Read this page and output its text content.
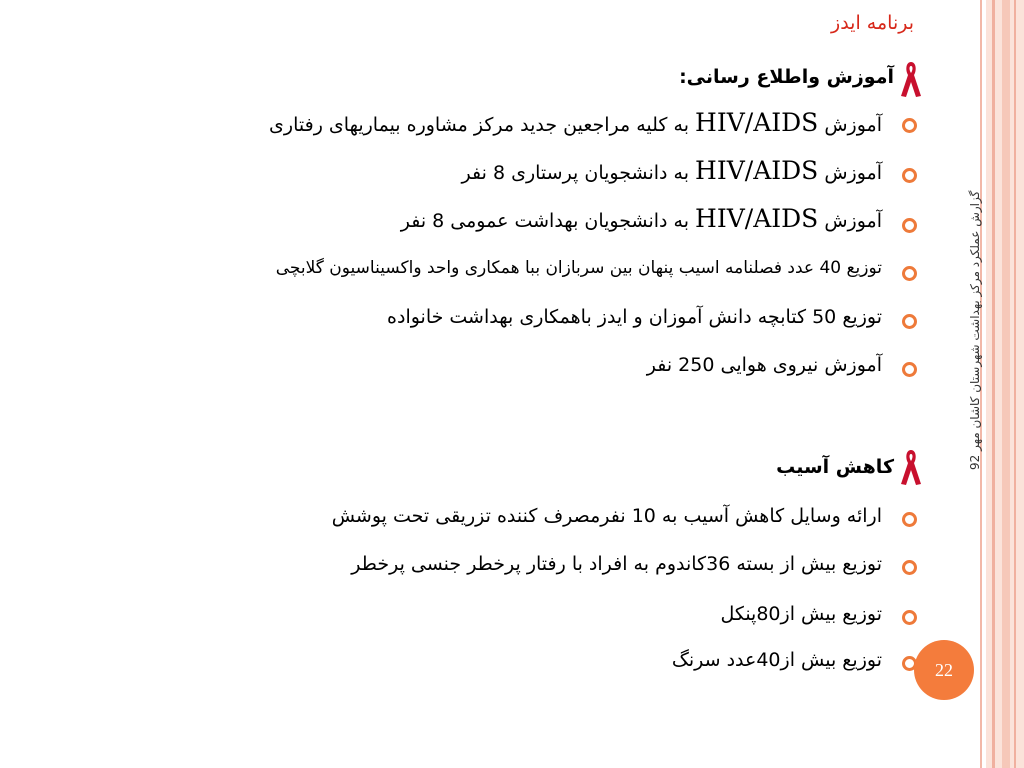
برنامه ایدز
آموزش واطلاع رسانی:
آموزش HIV/AIDS به کلیه مراجعین جدید مرکز مشاوره بیماریهای رفتاری
آموزش HIV/AIDS به دانشجویان پرستاری 8 نفر
آموزش HIV/AIDS به دانشجویان بهداشت عمومی 8 نفر
توزیع 40 عدد فصلنامه اسیب پنهان بین سربازان ببا همکاری واحد واکسیناسیون گلابچی
توزیع 50 کتابچه دانش آموزان و ایدز باهمکاری بهداشت خانواده
آموزش نیروی هوایی 250 نفر
کاهش آسیب
ارائه وسایل کاهش آسیب به 10 نفرمصرف کننده تزریقی تحت پوشش
توزیع بیش از بسته 36کاندوم به افراد با رفتار پرخطر جنسی پرخطر
توزیع بیش از80پنکل
توزیع بیش از40عدد سرنگ
گزارش عملکرد مرکز بهداشت شهرستان کاشان مهر 92
22
